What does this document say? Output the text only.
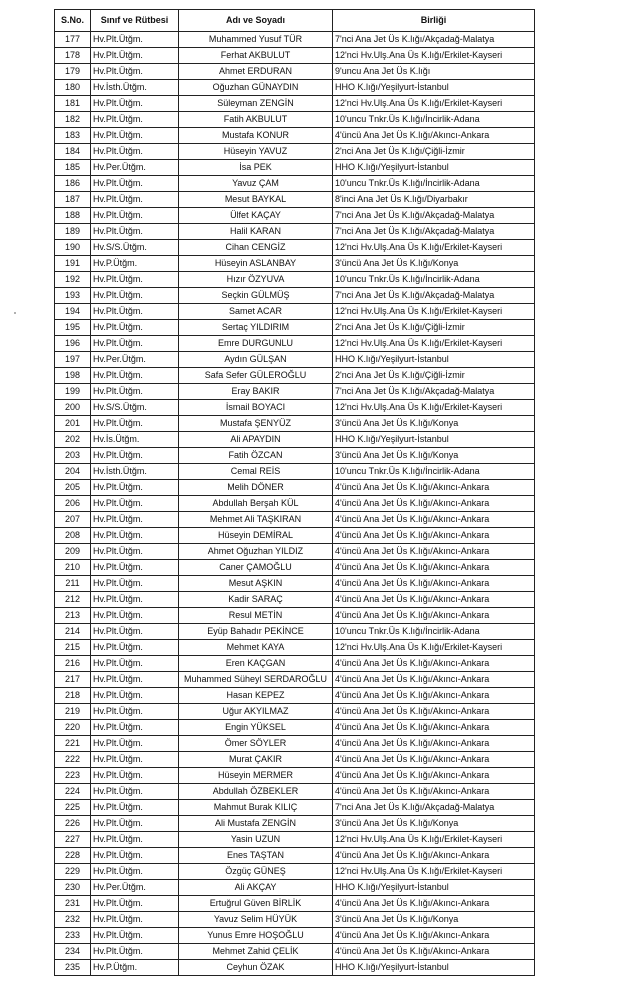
S.No.	Sınıf ve Rütbesi	Adı ve Soyadı	Birliği
177	Hv.Plt.Ütğm.	Muhammed Yusuf TÜR	7'nci Ana Jet Üs K.lığı/Akçadağ-Malatya
178	Hv.Plt.Ütğm.	Ferhat AKBULUT	12'nci Hv.Ulş.Ana Üs K.lığı/Erkilet-Kayseri
179	Hv.Plt.Ütğm.	Ahmet ERDURAN	9'uncu Ana Jet Üs K.lığı
180	Hv.İsth.Ütğm.	Oğuzhan GÜNAYDIN	HHO K.lığı/Yeşilyurt-İstanbul
181	Hv.Plt.Ütğm.	Süleyman ZENGİN	12'nci Hv.Ulş.Ana Üs K.lığı/Erkilet-Kayseri
182	Hv.Plt.Ütğm.	Fatih AKBULUT	10'uncu Tnkr.Üs K.lığı/İncirlik-Adana
183	Hv.Plt.Ütğm.	Mustafa KONUR	4'üncü Ana Jet Üs K.lığı/Akıncı-Ankara
184	Hv.Plt.Ütğm.	Hüseyin YAVUZ	2'nci Ana Jet Üs K.lığı/Çiğli-İzmir
185	Hv.Per.Ütğm.	İsa PEK	HHO K.lığı/Yeşilyurt-İstanbul
186	Hv.Plt.Ütğm.	Yavuz ÇAM	10'uncu Tnkr.Üs K.lığı/İncirlik-Adana
187	Hv.Plt.Ütğm.	Mesut BAYKAL	8'inci Ana Jet Üs K.lığı/Diyarbakır
188	Hv.Plt.Ütğm.	Ülfet KAÇAY	7'nci Ana Jet Üs K.lığı/Akçadağ-Malatya
189	Hv.Plt.Ütğm.	Halil KARAN	7'nci Ana Jet Üs K.lığı/Akçadağ-Malatya
190	Hv.S/S.Ütğm.	Cihan CENGİZ	12'nci Hv.Ulş.Ana Üs K.lığı/Erkilet-Kayseri
191	Hv.P.Ütğm.	Hüseyin ASLANBAY	3'üncü Ana Jet Üs K.lığı/Konya
192	Hv.Plt.Ütğm.	Hızır ÖZYUVA	10'uncu Tnkr.Üs K.lığı/İncirlik-Adana
193	Hv.Plt.Ütğm.	Seçkin GÜLMÜŞ	7'nci Ana Jet Üs K.lığı/Akçadağ-Malatya
194	Hv.Plt.Ütğm.	Samet ACAR	12'nci Hv.Ulş.Ana Üs K.lığı/Erkilet-Kayseri
195	Hv.Plt.Ütğm.	Sertaç YILDIRIM	2'nci Ana Jet Üs K.lığı/Çiğli-İzmir
196	Hv.Plt.Ütğm.	Emre DURGUNLU	12'nci Hv.Ulş.Ana Üs K.lığı/Erkilet-Kayseri
197	Hv.Per.Ütğm.	Aydın GÜLŞAN	HHO K.lığı/Yeşilyurt-İstanbul
198	Hv.Plt.Ütğm.	Safa Sefer GÜLEROĞLU	2'nci Ana Jet Üs K.lığı/Çiğli-İzmir
199	Hv.Plt.Ütğm.	Eray BAKIR	7'nci Ana Jet Üs K.lığı/Akçadağ-Malatya
200	Hv.S/S.Ütğm.	İsmail BOYACI	12'nci Hv.Ulş.Ana Üs K.lığı/Erkilet-Kayseri
201	Hv.Plt.Ütğm.	Mustafa ŞENYÜZ	3'üncü Ana Jet Üs K.lığı/Konya
202	Hv.İs.Ütğm.	Ali APAYDIN	HHO K.lığı/Yeşilyurt-İstanbul
203	Hv.Plt.Ütğm.	Fatih ÖZCAN	3'üncü Ana Jet Üs K.lığı/Konya
204	Hv.İsth.Ütğm.	Cemal REİS	10'uncu Tnkr.Üs K.lığı/İncirlik-Adana
205	Hv.Plt.Ütğm.	Melih DÖNER	4'üncü Ana Jet Üs K.lığı/Akıncı-Ankara
206	Hv.Plt.Ütğm.	Abdullah Berşah KÜL	4'üncü Ana Jet Üs K.lığı/Akıncı-Ankara
207	Hv.Plt.Ütğm.	Mehmet Ali TAŞKIRAN	4'üncü Ana Jet Üs K.lığı/Akıncı-Ankara
208	Hv.Plt.Ütğm.	Hüseyin DEMİRAL	4'üncü Ana Jet Üs K.lığı/Akıncı-Ankara
209	Hv.Plt.Ütğm.	Ahmet Oğuzhan YILDIZ	4'üncü Ana Jet Üs K.lığı/Akıncı-Ankara
210	Hv.Plt.Ütğm.	Caner ÇAMOĞLU	4'üncü Ana Jet Üs K.lığı/Akıncı-Ankara
211	Hv.Plt.Ütğm.	Mesut AŞKIN	4'üncü Ana Jet Üs K.lığı/Akıncı-Ankara
212	Hv.Plt.Ütğm.	Kadir SARAÇ	4'üncü Ana Jet Üs K.lığı/Akıncı-Ankara
213	Hv.Plt.Ütğm.	Resul METİN	4'üncü Ana Jet Üs K.lığı/Akıncı-Ankara
214	Hv.Plt.Ütğm.	Eyüp Bahadır PEKİNCE	10'uncu Tnkr.Üs K.lığı/İncirlik-Adana
215	Hv.Plt.Ütğm.	Mehmet KAYA	12'nci Hv.Ulş.Ana Üs K.lığı/Erkilet-Kayseri
216	Hv.Plt.Ütğm.	Eren KAÇGAN	4'üncü Ana Jet Üs K.lığı/Akıncı-Ankara
217	Hv.Plt.Ütğm.	Muhammed Süheyl SERDAROĞLU	4'üncü Ana Jet Üs K.lığı/Akıncı-Ankara
218	Hv.Plt.Ütğm.	Hasan KEPEZ	4'üncü Ana Jet Üs K.lığı/Akıncı-Ankara
219	Hv.Plt.Ütğm.	Uğur AKYILMAZ	4'üncü Ana Jet Üs K.lığı/Akıncı-Ankara
220	Hv.Plt.Ütğm.	Engin YÜKSEL	4'üncü Ana Jet Üs K.lığı/Akıncı-Ankara
221	Hv.Plt.Ütğm.	Ömer SÖYLER	4'üncü Ana Jet Üs K.lığı/Akıncı-Ankara
222	Hv.Plt.Ütğm.	Murat ÇAKIR	4'üncü Ana Jet Üs K.lığı/Akıncı-Ankara
223	Hv.Plt.Ütğm.	Hüseyin MERMER	4'üncü Ana Jet Üs K.lığı/Akıncı-Ankara
224	Hv.Plt.Ütğm.	Abdullah ÖZBEKLER	4'üncü Ana Jet Üs K.lığı/Akıncı-Ankara
225	Hv.Plt.Ütğm.	Mahmut Burak KILIÇ	7'nci Ana Jet Üs K.lığı/Akçadağ-Malatya
226	Hv.Plt.Ütğm.	Ali Mustafa ZENGİN	3'üncü Ana Jet Üs K.lığı/Konya
227	Hv.Plt.Ütğm.	Yasin UZUN	12'nci Hv.Ulş.Ana Üs K.lığı/Erkilet-Kayseri
228	Hv.Plt.Ütğm.	Enes TAŞTAN	4'üncü Ana Jet Üs K.lığı/Akıncı-Ankara
229	Hv.Plt.Ütğm.	Özgüç GÜNEŞ	12'nci Hv.Ulş.Ana Üs K.lığı/Erkilet-Kayseri
230	Hv.Per.Ütğm.	Ali AKÇAY	HHO K.lığı/Yeşilyurt-İstanbul
231	Hv.Plt.Ütğm.	Ertuğrul Güven BİRLİK	4'üncü Ana Jet Üs K.lığı/Akıncı-Ankara
232	Hv.Plt.Ütğm.	Yavuz Selim HÜYÜK	3'üncü Ana Jet Üs K.lığı/Konya
233	Hv.Plt.Ütğm.	Yunus Emre HOŞOĞLU	4'üncü Ana Jet Üs K.lığı/Akıncı-Ankara
234	Hv.Plt.Ütğm.	Mehmet Zahid ÇELİK	4'üncü Ana Jet Üs K.lığı/Akıncı-Ankara
235	Hv.P.Ütğm.	Ceyhun ÖZAK	HHO K.lığı/Yeşilyurt-İstanbul
